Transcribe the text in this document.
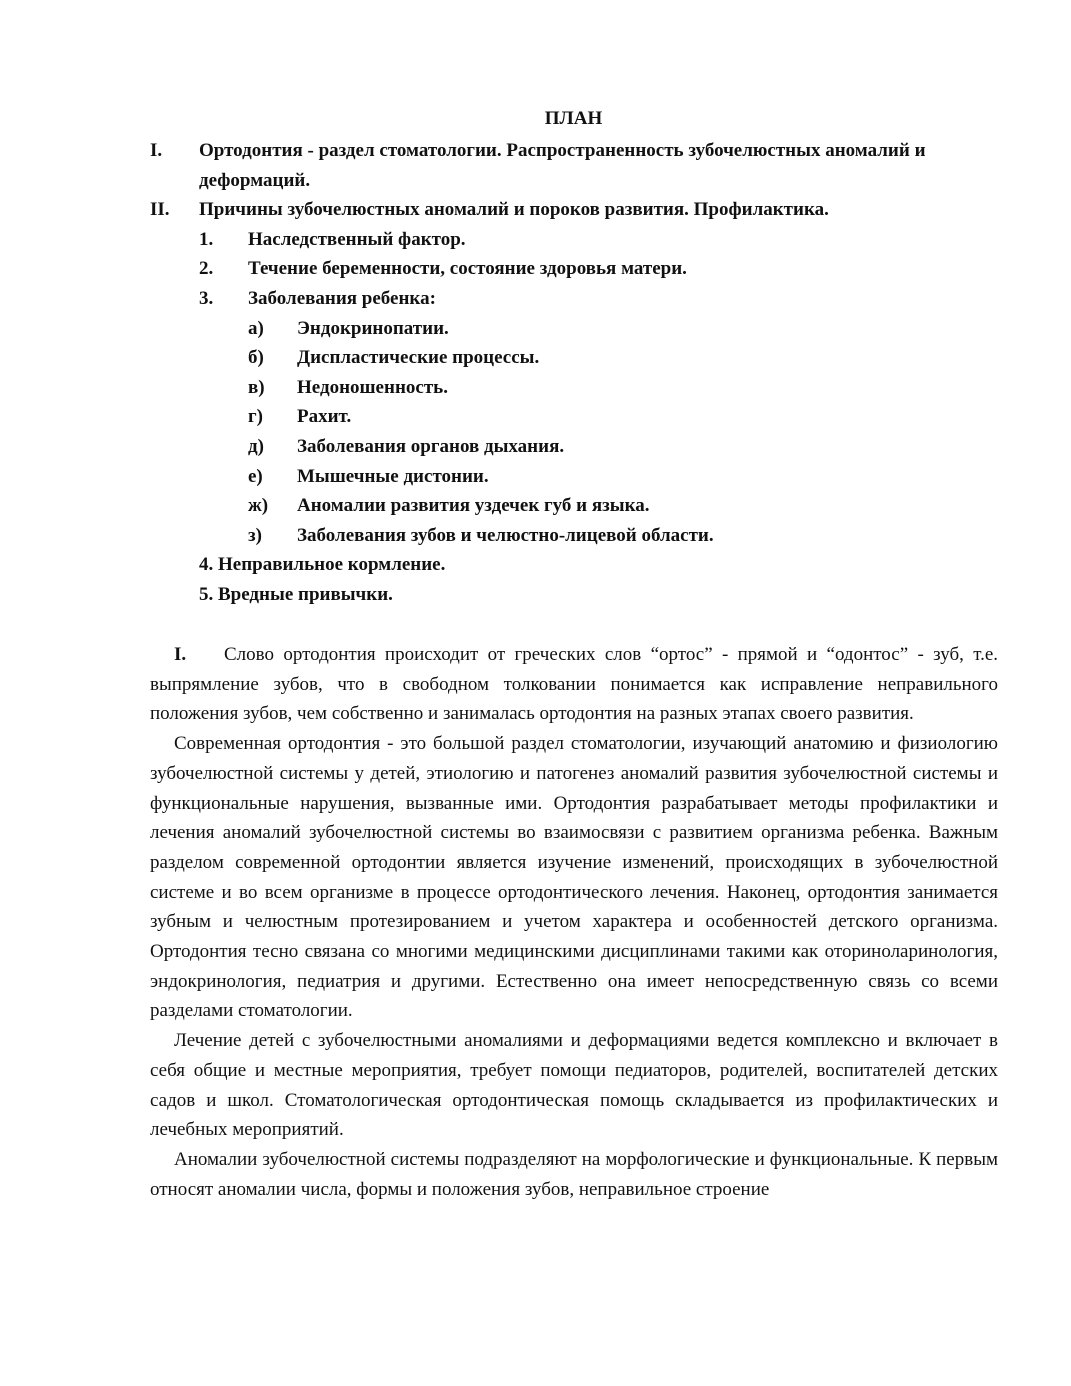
ПЛАН
I.	Ортодонтия - раздел стоматологии. Распространенность зубочелюстных аномалий и деформаций.
II.	Причины зубочелюстных аномалий и пороков развития. Профилактика.
1.	Наследственный фактор.
2.	Течение беременности, состояние здоровья матери.
3.	Заболевания ребенка:
а)	Эндокринопатии.
б)	Диспластические процессы.
в)	Недоношенность.
г)	Рахит.
д)	Заболевания органов дыхания.
е)	Мышечные дистонии.
ж)	Аномалии развития уздечек губ и языка.
з)	Заболевания зубов и челюстно-лицевой области.
4. Неправильное кормление.
5. Вредные привычки.

I. Слово ортодонтия происходит от греческих слов “ортос” - прямой и “одонтос” - зуб, т.е. выпрямление зубов, что в свободном толковании понимается как исправление неправильного положения зубов, чем собственно и занималась ортодонтия на разных этапах своего развития.

Современная ортодонтия - это большой раздел стоматологии, изучающий анатомию и физиологию зубочелюстной системы у детей, этиологию и патогенез аномалий развития зубочелюстной системы и функциональные нарушения, вызванные ими. Ортодонтия разрабатывает методы профилактики и лечения аномалий зубочелюстной системы во взаимосвязи с развитием организма ребенка. Важным разделом современной ортодонтии является изучение изменений, происходящих в зубочелюстной системе и во всем организме в процессе ортодонтического лечения. Наконец, ортодонтия занимается зубным и челюстным протезированием и учетом характера и особенностей детского организма. Ортодонтия тесно связана со многими медицинскими дисциплинами такими как оториноларинология, эндокринология, педиатрия и другими. Естественно она имеет непосредственную связь со всеми разделами стоматологии.

Лечение детей с зубочелюстными аномалиями и деформациями ведется комплексно и включает в себя общие и местные мероприятия, требует помощи педиаторов, родителей, воспитателей детских садов и школ. Стоматологическая ортодонтическая помощь складывается из профилактических и лечебных мероприятий.

Аномалии зубочелюстной системы подразделяют на морфологические и функциональные. К первым относят аномалии числа, формы и положения зубов, неправильное строение
